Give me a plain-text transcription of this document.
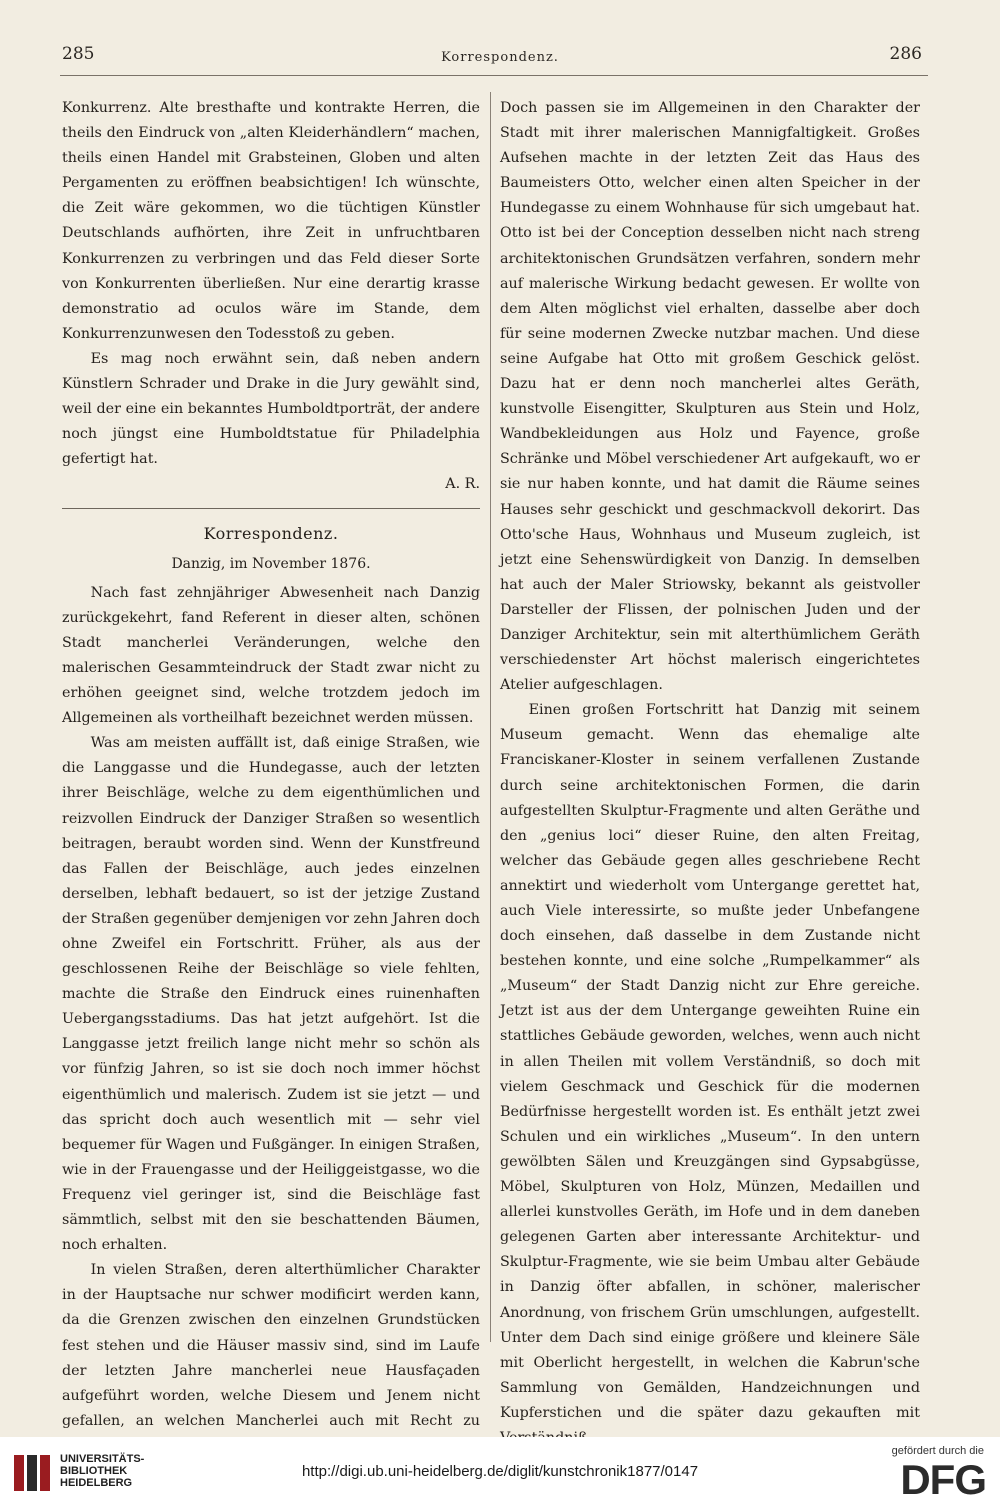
285	Korrespondenz.	286

Konkurrenz. Alte bresthafte und kontrakte Herren, die theils den Eindruck von „alten Kleiderhändlern“ machen, theils einen Handel mit Grabsteinen, Globen und alten Pergamenten zu eröffnen beabsichtigen! Ich wünschte, die Zeit wäre gekommen, wo die tüchtigen Künstler Deutschlands aufhörten, ihre Zeit in unfruchtbaren Konkurrenzen zu verbringen und das Feld dieser Sorte von Konkurrenten überließen. Nur eine derartig krasse demonstratio ad oculos wäre im Stande, dem Konkurrenzunwesen den Todesstoß zu geben.

Es mag noch erwähnt sein, daß neben andern Künstlern Schrader und Drake in die Jury gewählt sind, weil der eine ein bekanntes Humboldtporträt, der andere noch jüngst eine Humboldtstatue für Philadelphia gefertigt hat.

A. R.

Korrespondenz.
Danzig, im November 1876.

Nach fast zehnjähriger Abwesenheit nach Danzig zurückgekehrt, fand Referent in dieser alten, schönen Stadt mancherlei Veränderungen, welche den malerischen Gesammteindruck der Stadt zwar nicht zu erhöhen geeignet sind, welche trotzdem jedoch im Allgemeinen als vortheilhaft bezeichnet werden müssen.

Was am meisten auffällt ist, daß einige Straßen, wie die Langgasse und die Hundegasse, auch der letzten ihrer Beischläge, welche zu dem eigenthümlichen und reizvollen Eindruck der Danziger Straßen so wesentlich beitragen, beraubt worden sind. Wenn der Kunstfreund das Fallen der Beischläge, auch jedes einzelnen derselben, lebhaft bedauert, so ist der jetzige Zustand der Straßen gegenüber demjenigen vor zehn Jahren doch ohne Zweifel ein Fortschritt. Früher, als aus der geschlossenen Reihe der Beischläge so viele fehlten, machte die Straße den Eindruck eines ruinenhaften Uebergangsstadiums. Das hat jetzt aufgehört. Ist die Langgasse jetzt freilich lange nicht mehr so schön als vor fünfzig Jahren, so ist sie doch noch immer höchst eigenthümlich und malerisch. Zudem ist sie jetzt — und das spricht doch auch wesentlich mit — sehr viel bequemer für Wagen und Fußgänger. In einigen Straßen, wie in der Frauengasse und der Heiliggeistgasse, wo die Frequenz viel geringer ist, sind die Beischläge fast sämmtlich, selbst mit den sie beschattenden Bäumen, noch erhalten.

In vielen Straßen, deren alterthümlicher Charakter in der Hauptsache nur schwer modificirt werden kann, da die Grenzen zwischen den einzelnen Grundstücken fest stehen und die Häuser massiv sind, sind im Laufe der letzten Jahre mancherlei neue Hausfaçaden aufgeführt worden, welche Diesem und Jenem nicht gefallen, an welchen Mancherlei auch mit Recht zu

Doch passen sie im Allgemeinen in den Charakter der Stadt mit ihrer malerischen Mannigfaltigkeit. Großes Aufsehen machte in der letzten Zeit das Haus des Baumeisters Otto, welcher einen alten Speicher in der Hundegasse zu einem Wohnhause für sich umgebaut hat. Otto ist bei der Conception desselben nicht nach streng architektonischen Grundsätzen verfahren, sondern mehr auf malerische Wirkung bedacht gewesen. Er wollte von dem Alten möglichst viel erhalten, dasselbe aber doch für seine modernen Zwecke nutzbar machen. Und diese seine Aufgabe hat Otto mit großem Geschick gelöst. Dazu hat er denn noch mancherlei altes Geräth, kunstvolle Eisengitter, Skulpturen aus Stein und Holz, Wandbekleidungen aus Holz und Fayence, große Schränke und Möbel verschiedener Art aufgekauft, wo er sie nur haben konnte, und hat damit die Räume seines Hauses sehr geschickt und geschmackvoll dekorirt. Das Otto'sche Haus, Wohnhaus und Museum zugleich, ist jetzt eine Sehenswürdigkeit von Danzig. In demselben hat auch der Maler Striowsky, bekannt als geistvoller Darsteller der Flissen, der polnischen Juden und der Danziger Architektur, sein mit alterthümlichem Geräth verschiedenster Art höchst malerisch eingerichtetes Atelier aufgeschlagen.

Einen großen Fortschritt hat Danzig mit seinem Museum gemacht. Wenn das ehemalige alte Franciskaner-Kloster in seinem verfallenen Zustande durch seine architektonischen Formen, die darin aufgestellten Skulptur-Fragmente und alten Geräthe und den „genius loci“ dieser Ruine, den alten Freitag, welcher das Gebäude gegen alles geschriebene Recht annektirt und wiederholt vom Untergange gerettet hat, auch Viele interessirte, so mußte jeder Unbefangene doch einsehen, daß dasselbe in dem Zustande nicht bestehen konnte, und eine solche „Rumpelkammer“ als „Museum“ der Stadt Danzig nicht zur Ehre gereiche. Jetzt ist aus der dem Untergange geweihten Ruine ein stattliches Gebäude geworden, welches, wenn auch nicht in allen Theilen mit vollem Verständniß, so doch mit vielem Geschmack und Geschick für die modernen Bedürfnisse hergestellt worden ist. Es enthält jetzt zwei Schulen und ein wirkliches „Museum“. In den untern gewölbten Sälen und Kreuzgängen sind Gypsabgüsse, Möbel, Skulpturen von Holz, Münzen, Medaillen und allerlei kunstvolles Geräth, im Hofe und in dem daneben gelegenen Garten aber interessante Architektur- und Skulptur-Fragmente, wie sie beim Umbau alter Gebäude in Danzig öfter abfallen, in schöner, malerischer Anordnung, von frischem Grün umschlungen, aufgestellt. Unter dem Dach sind einige größere und kleinere Säle mit Oberlicht hergestellt, in welchen die Kabrun'sche Sammlung von Gemälden, Handzeichnungen und Kupferstichen und die später dazu gekauften mit

UNIVERSITÄTS-
BIBLIOTHEK
HEIDELBERG
http://digi.ub.uni-heidelberg.de/diglit/kunstchronik1877/0147
gefördert durch die
DFG
